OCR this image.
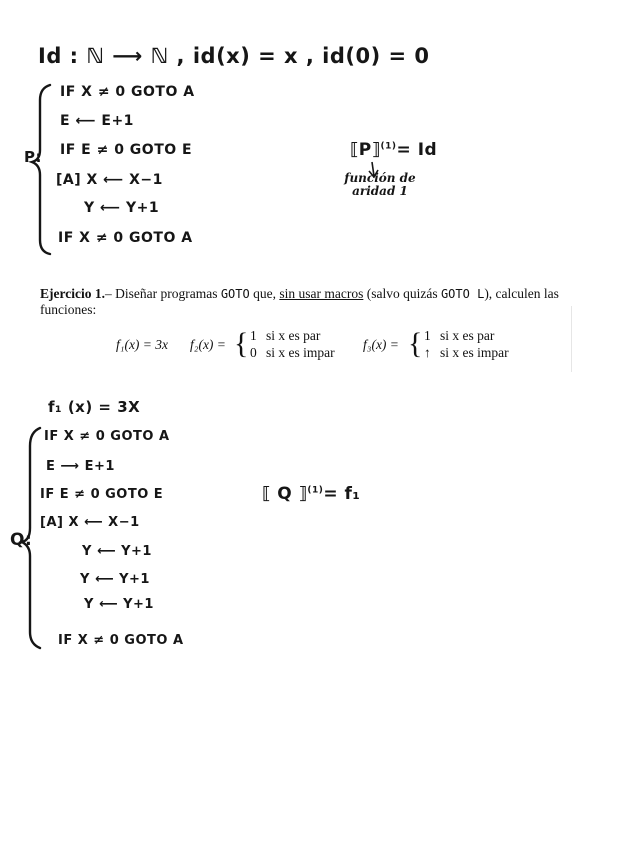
Id : ℕ ⟶ ℕ , id(x) = x , id(0) = 0
P:
IF X ≠ 0 GOTO A
E ⟵ E+1
IF E ≠ 0 GOTO E
[A] X ⟵ X−1
Y ⟵ Y+1
IF X ≠ 0 GOTO A
⟦P⟧$^{(1)}$= Id
función de
aridad 1
Ejercicio 1.– Diseñar programas GOTO que, sin usar macros (salvo quizás GOTO L), calculen las
funciones:
f₁(x) = 3x f₂(x) = { 1 si x es par
0 si x es impar
f₃(x) = { 1 si x es par
↑ si x es impar
f₁ (x) = 3X
Q:
IF X ≠ 0 GOTO A
E ⟶ E+1
IF E ≠ 0 GOTO E
[A] X ⟵ X−1
Y ⟵ Y+1
Y ⟵ Y+1
Y ⟵ Y+1
IF X ≠ 0 GOTO A
⟦ Q ⟧$^{(1)}$= f₁
